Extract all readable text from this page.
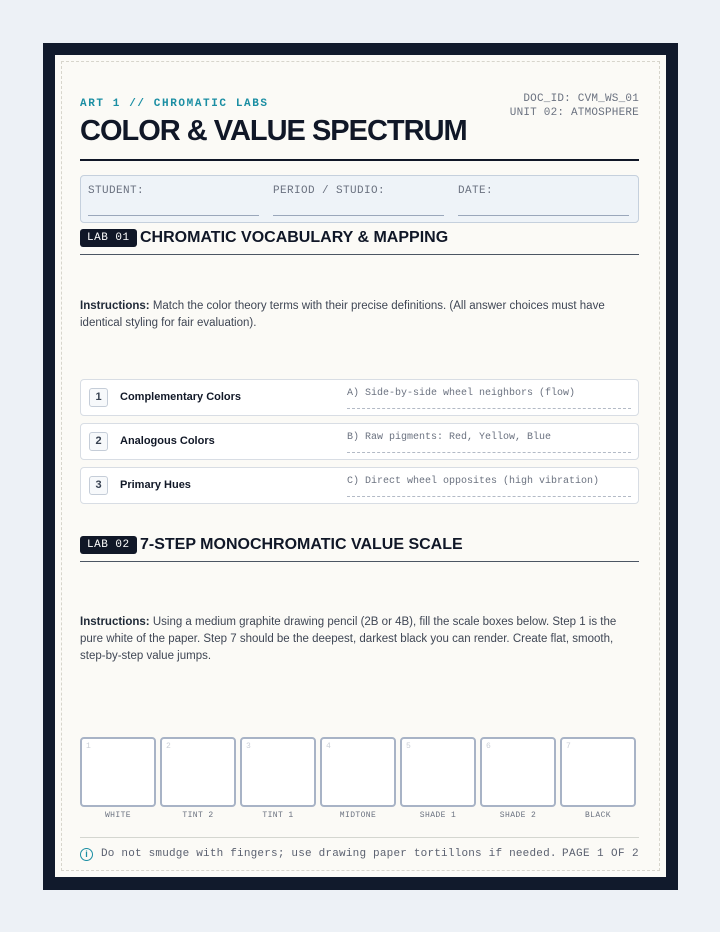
ART 1 // CHROMATIC LABS	DOC_ID: CVM_WS_01
UNIT 02: ATMOSPHERE
COLOR & VALUE SPECTRUM
STUDENT:	PERIOD / STUDIO:	DATE:
LAB 01 CHROMATIC VOCABULARY & MAPPING
Instructions: Match the color theory terms with their precise definitions. (All answer choices must have identical styling for fair evaluation).
1	Complementary Colors	A) Side-by-side wheel neighbors (flow)
2	Analogous Colors	B) Raw pigments: Red, Yellow, Blue
3	Primary Hues	C) Direct wheel opposites (high vibration)
LAB 02 7-STEP MONOCHROMATIC VALUE SCALE
Instructions: Using a medium graphite drawing pencil (2B or 4B), fill the scale boxes below. Step 1 is the pure white of the paper. Step 7 should be the deepest, darkest black you can render. Create flat, smooth, step-by-step value jumps.
1	2	3	4	5	6	7
WHITE	TINT 2	TINT 1	MIDTONE	SHADE 1	SHADE 2	BLACK
i	Do not smudge with fingers; use drawing paper tortillons if needed. PAGE 1 OF 2
